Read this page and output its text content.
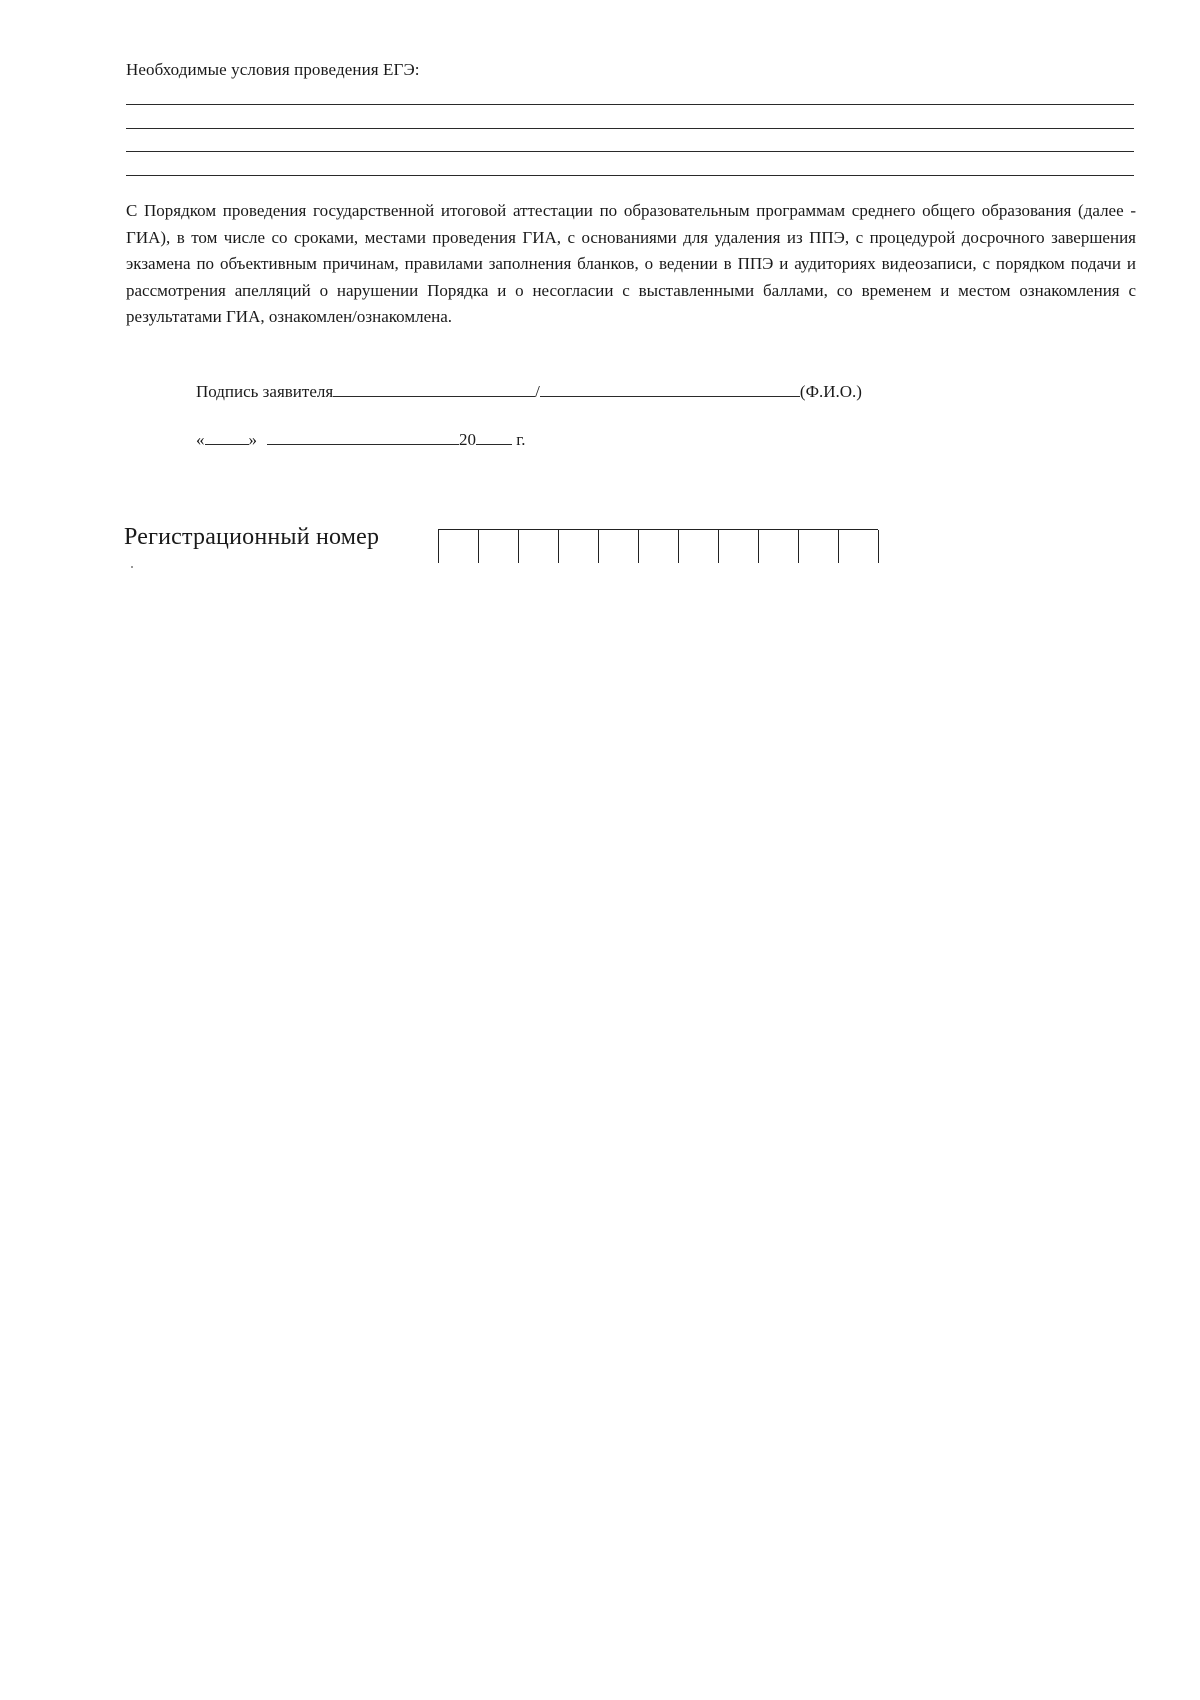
Необходимые условия проведения ЕГЭ:
С Порядком проведения государственной итоговой аттестации по образовательным программам среднего общего образования (далее - ГИА), в том числе со сроками, местами проведения ГИА, с основаниями для удаления из ППЭ, с процедурой досрочного завершения экзамена по объективным причинам, правилами заполнения бланков, о ведении в ППЭ и аудиториях видеозаписи, с порядком подачи и рассмотрения апелляций о нарушении Порядка и о несогласии с выставленными баллами, со временем и местом ознакомления с результатами ГИА, ознакомлен/ознакомлена.
Подпись заявителя	/	(Ф.И.О.)
«	»	20 г.
Регистрационный номер
